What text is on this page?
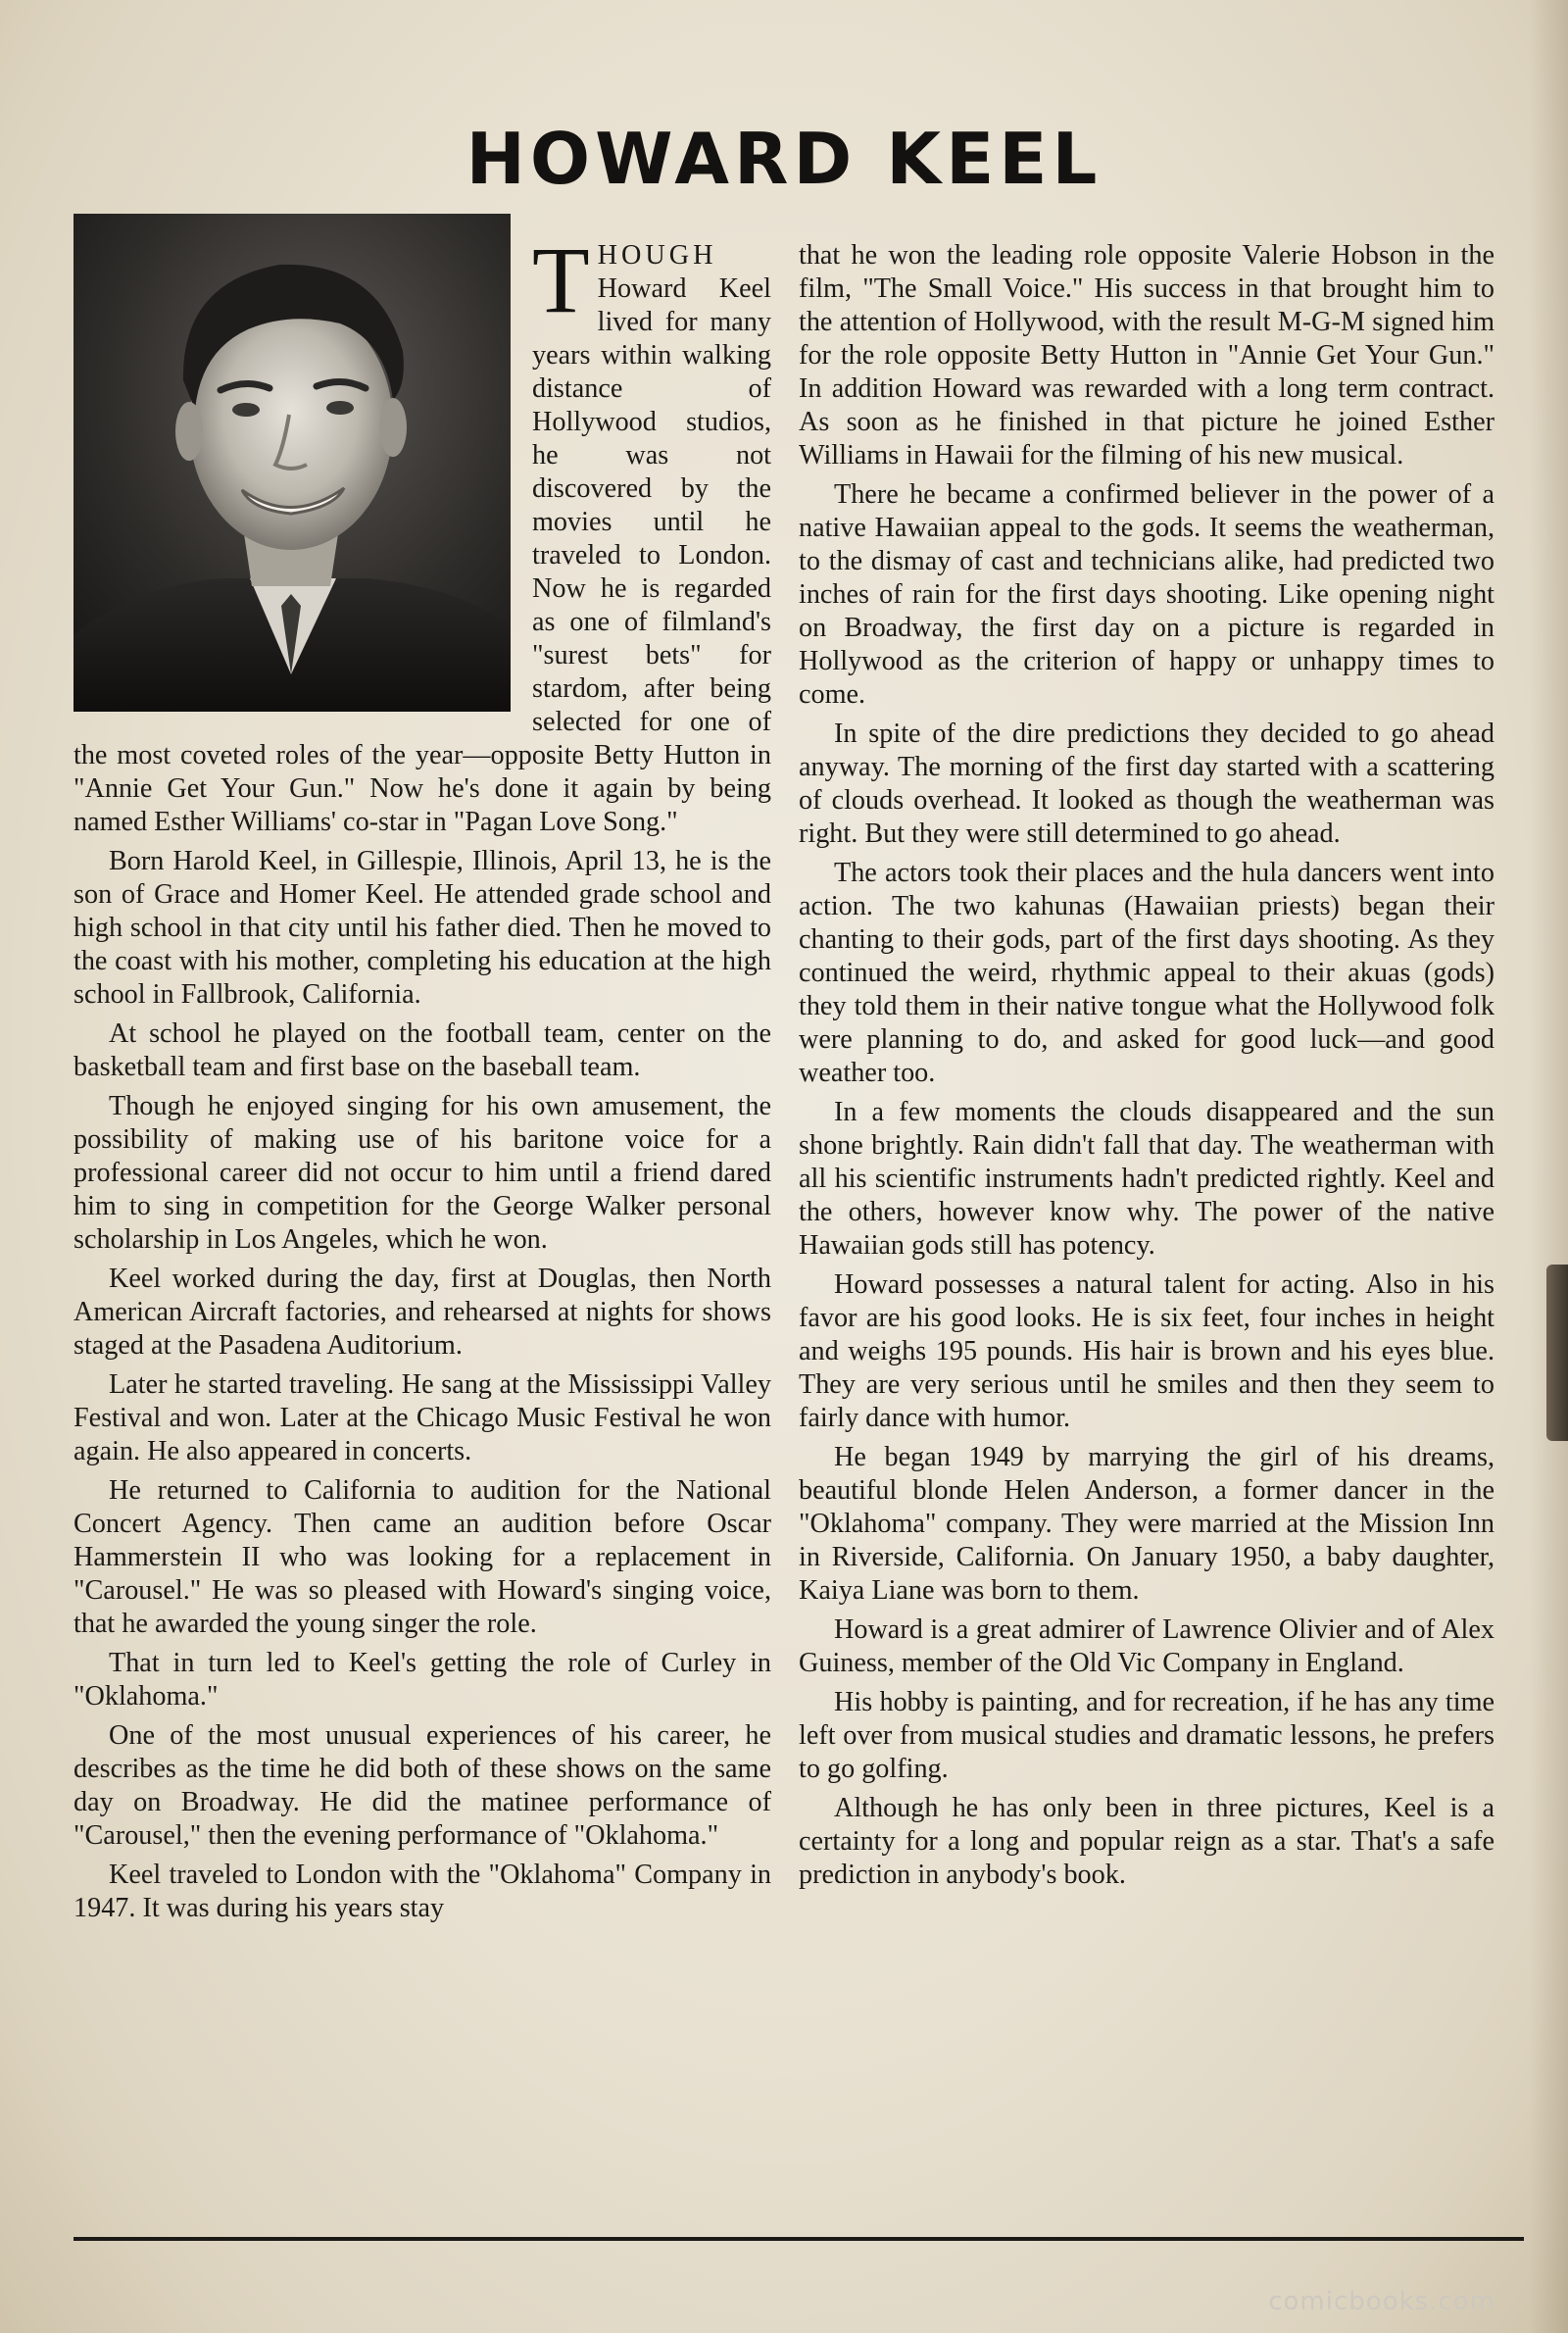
HOWARD KEEL

THOUGH Howard Keel lived for many years within walking distance of Hollywood studios, he was not discovered by the movies until he traveled to London. Now he is regarded as one of filmland's "surest bets" for stardom, after being selected for one of the most coveted roles of the year—opposite Betty Hutton in "Annie Get Your Gun." Now he's done it again by being named Esther Williams' co-star in "Pagan Love Song."

Born Harold Keel, in Gillespie, Illinois, April 13, he is the son of Grace and Homer Keel. He attended grade school and high school in that city until his father died. Then he moved to the coast with his mother, completing his education at the high school in Fallbrook, California.

At school he played on the football team, center on the basketball team and first base on the baseball team.

Though he enjoyed singing for his own amusement, the possibility of making use of his baritone voice for a professional career did not occur to him until a friend dared him to sing in competition for the George Walker personal scholarship in Los Angeles, which he won.

Keel worked during the day, first at Douglas, then North American Aircraft factories, and rehearsed at nights for shows staged at the Pasadena Auditorium.

Later he started traveling. He sang at the Mississippi Valley Festival and won. Later at the Chicago Music Festival he won again. He also appeared in concerts.

He returned to California to audition for the National Concert Agency. Then came an audition before Oscar Hammerstein II who was looking for a replacement in "Carousel." He was so pleased with Howard's singing voice, that he awarded the young singer the role.

That in turn led to Keel's getting the role of Curley in "Oklahoma."

One of the most unusual experiences of his career, he describes as the time he did both of these shows on the same day on Broadway. He did the matinee performance of "Carousel," then the evening performance of "Oklahoma."

Keel traveled to London with the "Oklahoma" Company in 1947. It was during his years stay

that he won the leading role opposite Valerie Hobson in the film, "The Small Voice." His success in that brought him to the attention of Hollywood, with the result M-G-M signed him for the role opposite Betty Hutton in "Annie Get Your Gun." In addition Howard was rewarded with a long term contract. As soon as he finished in that picture he joined Esther Williams in Hawaii for the filming of his new musical.

There he became a confirmed believer in the power of a native Hawaiian appeal to the gods. It seems the weatherman, to the dismay of cast and technicians alike, had predicted two inches of rain for the first days shooting. Like opening night on Broadway, the first day on a picture is regarded in Hollywood as the criterion of happy or unhappy times to come.

In spite of the dire predictions they decided to go ahead anyway. The morning of the first day started with a scattering of clouds overhead. It looked as though the weatherman was right. But they were still determined to go ahead.

The actors took their places and the hula dancers went into action. The two kahunas (Hawaiian priests) began their chanting to their gods, part of the first days shooting. As they continued the weird, rhythmic appeal to their akuas (gods) they told them in their native tongue what the Hollywood folk were planning to do, and asked for good luck—and good weather too.

In a few moments the clouds disappeared and the sun shone brightly. Rain didn't fall that day. The weatherman with all his scientific instruments hadn't predicted rightly. Keel and the others, however know why. The power of the native Hawaiian gods still has potency.

Howard possesses a natural talent for acting. Also in his favor are his good looks. He is six feet, four inches in height and weighs 195 pounds. His hair is brown and his eyes blue. They are very serious until he smiles and then they seem to fairly dance with humor.

He began 1949 by marrying the girl of his dreams, beautiful blonde Helen Anderson, a former dancer in the "Oklahoma" company. They were married at the Mission Inn in Riverside, California. On January 1950, a baby daughter, Kaiya Liane was born to them.

Howard is a great admirer of Lawrence Olivier and of Alex Guiness, member of the Old Vic Company in England.

His hobby is painting, and for recreation, if he has any time left over from musical studies and dramatic lessons, he prefers to go golfing.

Although he has only been in three pictures, Keel is a certainty for a long and popular reign as a star. That's a safe prediction in anybody's book.

comicbooks.com
